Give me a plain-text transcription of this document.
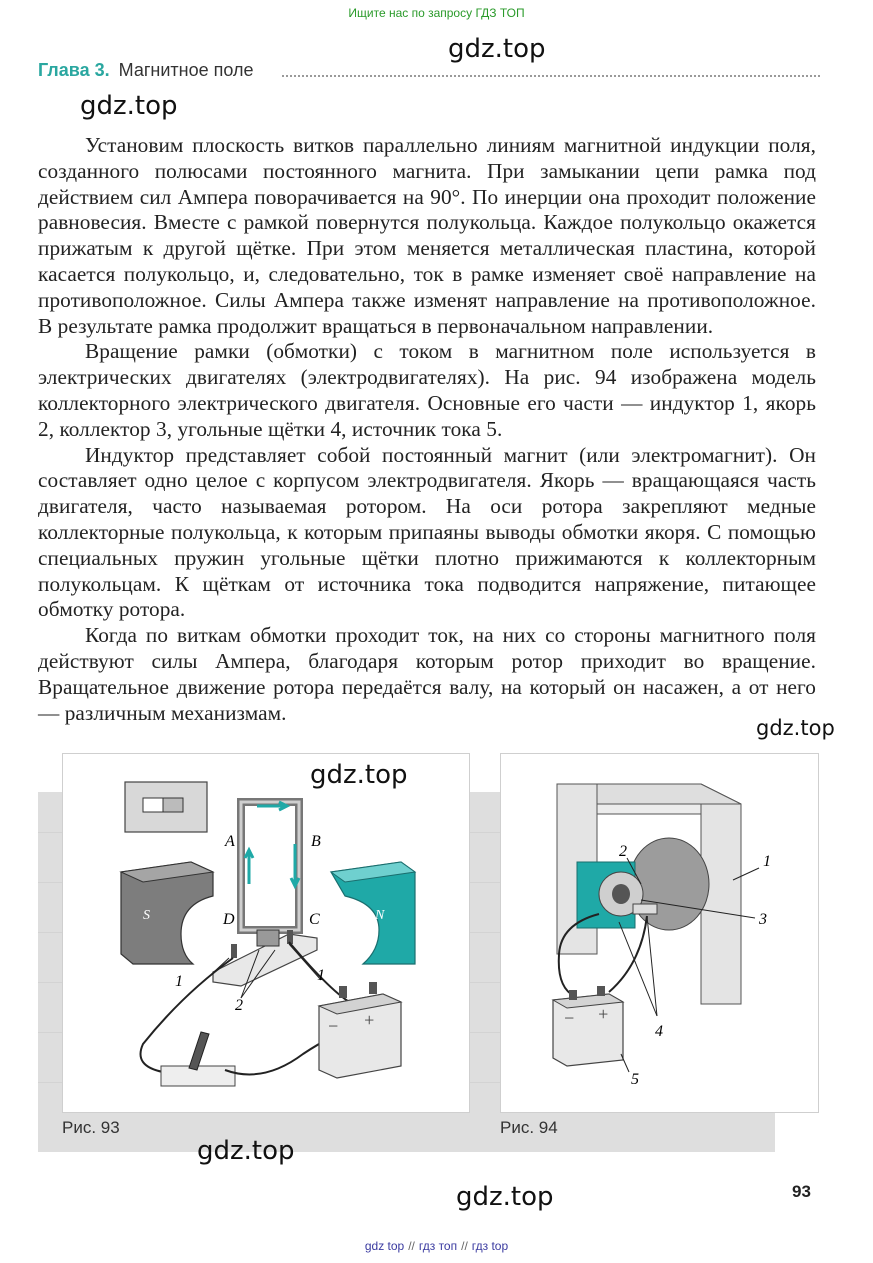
Ищите нас по запросу ГДЗ ТОП
gdz.top
gdz.top
Глава 3. Магнитное поле

Установим плоскость витков параллельно линиям магнитной индукции поля, созданного полюсами постоянного магнита. При замыкании цепи рамка под действием сил Ампера поворачивается на 90°. По инерции она проходит положение равновесия. Вместе с рамкой повернутся полукольца. Каждое полукольцо окажется прижатым к другой щётке. При этом меняется металлическая пластина, которой касается полукольцо, и, следовательно, ток в рамке изменяет своё направление на противоположное. Силы Ампера также изменят направление на противоположное. В результате рамка продолжит вращаться в первоначальном направлении.

Вращение рамки (обмотки) с током в магнитном поле используется в электрических двигателях (электродвигателях). На рис. 94 изображена модель коллекторного электрического двигателя. Основные его части — индуктор 1, якорь 2, коллектор 3, угольные щётки 4, источник тока 5.

Индуктор представляет собой постоянный магнит (или электромагнит). Он составляет одно целое с корпусом электродвигателя. Якорь — вращающаяся часть двигателя, часто называемая ротором. На оси ротора закрепляют медные коллекторные полукольца, к которым припаяны выводы обмотки якоря. С помощью специальных пружин угольные щётки плотно прижимаются к коллекторным полукольцам. К щёткам от источника тока подводится напряжение, питающее обмотку ротора.

Когда по виткам обмотки проходит ток, на них со стороны магнитного поля действуют силы Ампера, благодаря которым ротор приходит во вращение. Вращательное движение ротора передаётся валу, на который он насажен, а от него — различным механизмам.

gdz.top
S	N
A	B
D	C
1	1
2
− +
2
1
3
4
− +
5
gdz.top
Рис. 93	Рис. 94
gdz.top
gdz.top	93
gdz top // гдз топ // гдз top
